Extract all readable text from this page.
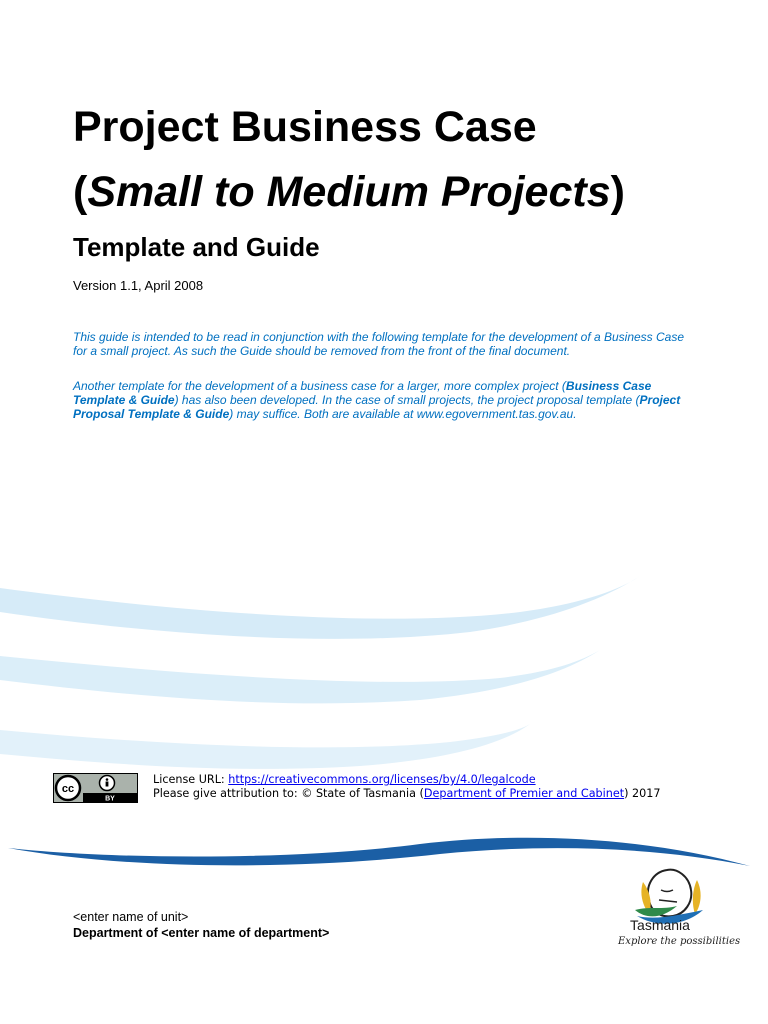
Project Business Case
(Small to Medium Projects)
Template and Guide
Version 1.1, April 2008
This guide is intended to be read in conjunction with the following template for the development of a Business Case for a small project. As such the Guide should be removed from the front of the final document.
Another template for the development of a business case for a larger, more complex project (Business Case Template & Guide) has also been developed. In the case of small projects, the project proposal template (Project Proposal Template & Guide) may suffice. Both are available at www.egovernment.tas.gov.au.
cc
BY
License URL: https://creativecommons.org/licenses/by/4.0/legalcode
Please give attribution to: © State of Tasmania (Department of Premier and Cabinet) 2017
Tasmania
Explore the possibilities
<enter name of unit>
Department of <enter name of department>
